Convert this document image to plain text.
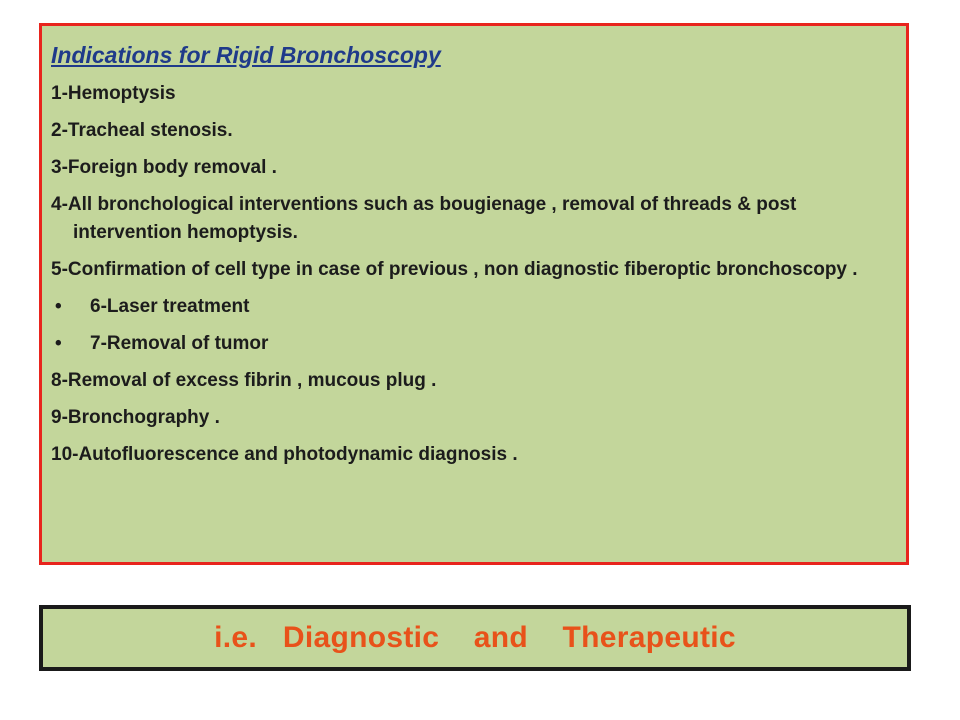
Indications for Rigid Bronchoscopy
1-Hemoptysis
2-Tracheal stenosis.
3-Foreign body removal .
4-All bronchological interventions such as bougienage , removal of threads & post intervention hemoptysis.
5-Confirmation of cell type in case of previous , non diagnostic fiberoptic bronchoscopy .
• 6-Laser treatment
• 7-Removal of tumor
8-Removal of excess fibrin , mucous plug .
9-Bronchography .
10-Autofluorescence and photodynamic diagnosis .
i.e.   Diagnostic    and    Therapeutic
